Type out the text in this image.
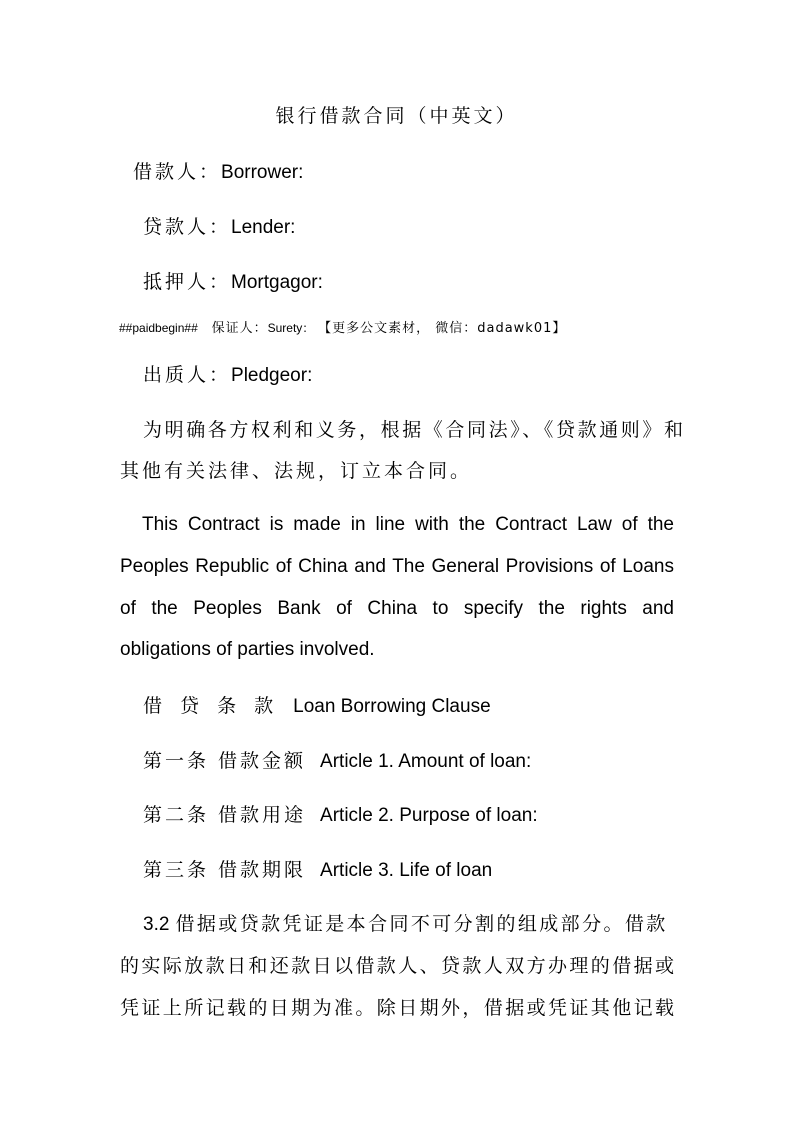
银行借款合同（中英文）
借款人：Borrower:
贷款人：Lender:
抵押人：Mortgagor:
##paidbegin## 保证人：Surety： 【更多公文素材， 微信：dadawk01】
出质人：Pledgeor:
为明确各方权利和义务，根据《合同法》、《贷款通则》和
其他有关法律、法规，订立本合同。
This Contract is made in line with the Contract Law of the
Peoples Republic of China and The General Provisions of Loans
of the Peoples Bank of China to specify the rights and
obligations of parties involved.
借 贷 条 款 Loan Borrowing Clause
第一条 借款金额 Article 1. Amount of loan:
第二条 借款用途 Article 2. Purpose of loan:
第三条 借款期限 Article 3. Life of loan
3.2 借据或贷款凭证是本合同不可分割的组成部分。借款
的实际放款日和还款日以借款人、贷款人双方办理的借据或
凭证上所记载的日期为准。除日期外，借据或凭证其他记载
